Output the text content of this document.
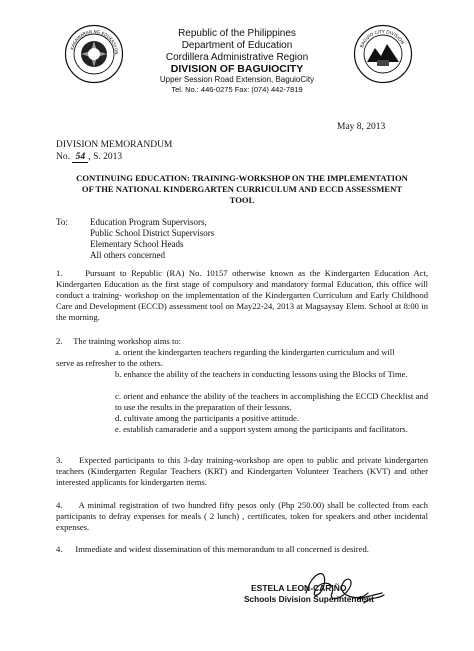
KAGAWARAN NG EDUKASYON
BAGUIO CITY DIVISION
Republic of the Philippines
Department of Education
Cordillera Administrative Region
DIVISION OF BAGUIOCITY
Upper Session Road Extension, BaguioCity
Tel. No.: 446-0275 Fax: (074) 442-7819
May 8, 2013
DIVISION MEMORANDUM
No. 54 , S. 2013
CONTINUING EDUCATION: TRAINING-WORKSHOP ON THE IMPLEMENTATION
OF THE NATIONAL KINDERGARTEN CURRICULUM AND ECCD ASSESSMENT
TOOL
To: Education Program Supervisors,
Public School District Supervisors
Elementary School Heads
All others concerned
1.     Pursuant to Republic (RA) No. 10157 otherwise known as the Kindergarten Education Act, Kindergarten Education as the first stage of compulsory and mandatory formal Education, this office will conduct a training- workshop on the implementation of the Kindergarten Curriculum and Early Childhood Care and Development (ECCD) assessment tool on May22-24, 2013 at Magsaysay Elem. School at 8:00 in the morning.
2.     The training workshop aims to:
a. orient the kindergarten teachers regarding the kindergarten curriculum and will
serve as refresher to the others.
b. enhance the ability of the teachers in conducting lessons using the Blocks of Time.
c. orient and enhance the ability of the teachers in accomplishing the ECCD Checklist and to use the results in the preparation of their lessons.
d. cultivate among the participants a positive attitude.
e. establish camaraderie and a support system among the participants and facilitators.
3.     Expected participants to this 3-day training-workshop are open to public and private kindergarten teachers (Kindergarten Regular Teachers (KRT) and Kindergarten Volunteer Teachers (KVT) and other interested applicants for kindergarten items.
4.     A minimal registration of two hundred fifty pesos only (Php 250.00) shall be collected from each participants to defray expenses for meals ( 2 lunch) , certificates, token for speakers and other incidental expenses.
4.      Immediate and widest dissemination of this memorandum to all concerned is desired.
ESTELA LEON-CARIÑO
Schools Division Superintendent
